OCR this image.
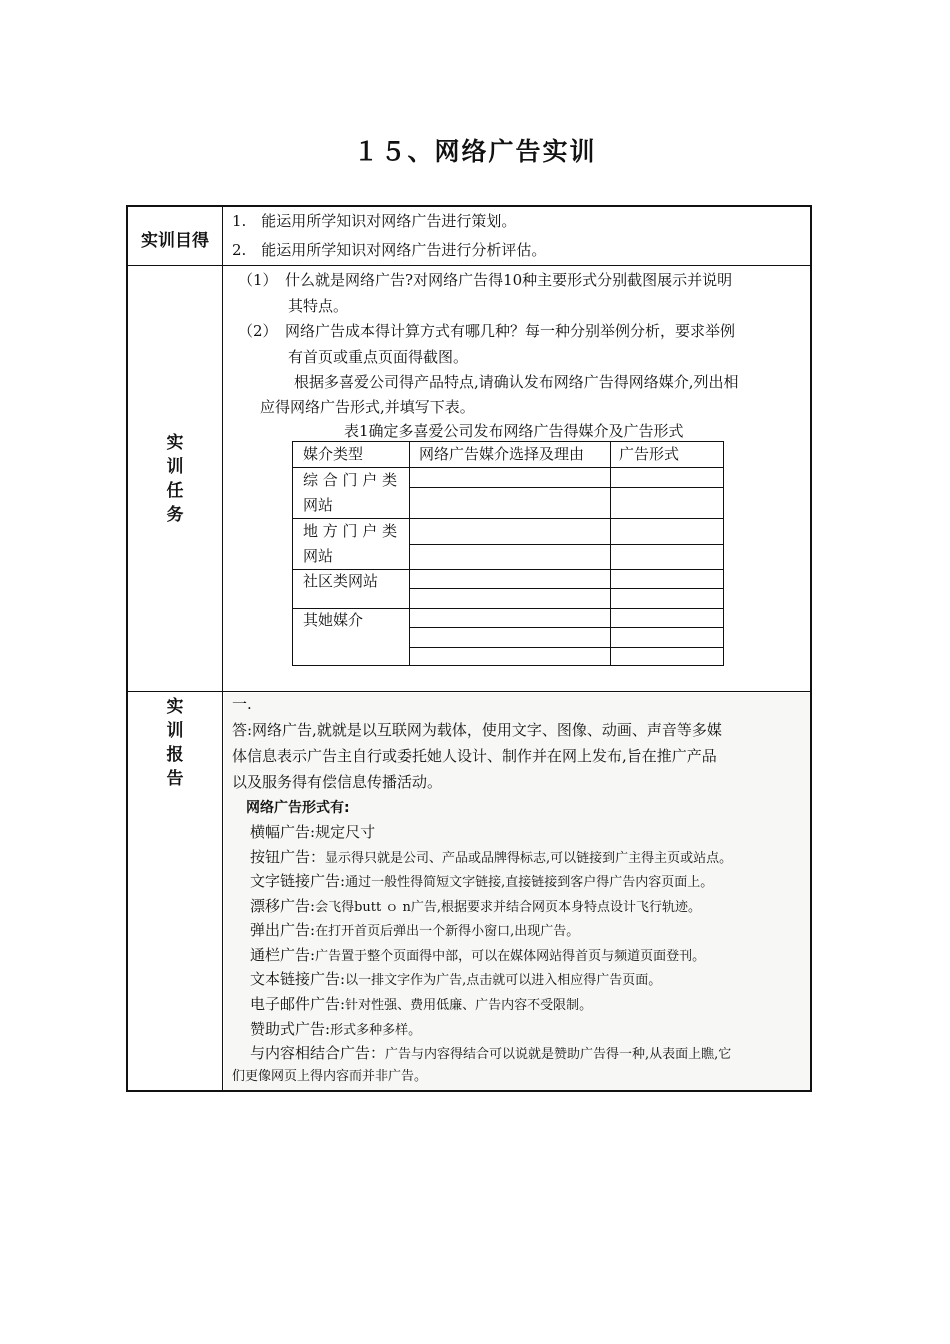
１５、网络广告实训
实训目得
1.　能运用所学知识对网络广告进行策划。
2.　能运用所学知识对网络广告进行分析评估。
实
训
任
务
（1）　什么就是网络广告?对网络广告得10种主要形式分别截图展示并说明
其特点。
（2）　网络广告成本得计算方式有哪几种？每一种分别举例分析，要求举例
有首页或重点页面得截图。
根据多喜爱公司得产品特点,请确认发布网络广告得网络媒介,列出相
应得网络广告形式,并填写下表。
表1确定多喜爱公司发布网络广告得媒介及广告形式
实
训
报
告
一.
答:网络广告,就就是以互联网为载体，使用文字、图像、动画、声音等多媒
体信息表示广告主自行或委托她人设计、制作并在网上发布,旨在推广产品
以及服务得有偿信息传播活动。
网络广告形式有:
横幅广告:规定尺寸
按钮广告：显示得只就是公司、产品或品牌得标志,可以链接到广主得主页或站点。
文字链接广告:通过一般性得简短文字链接,直接链接到客户得广告内容页面上。
漂移广告:会飞得butt ｏ n广告,根据要求并结合网页本身特点设计飞行轨迹。
弹出广告:在打开首页后弹出一个新得小窗口,出现广告。
通栏广告:广告置于整个页面得中部，可以在媒体网站得首页与频道页面登刊。
文本链接广告:以一排文字作为广告,点击就可以进入相应得广告页面。
电子邮件广告:针对性强、费用低廉、广告内容不受限制。
赞助式广告:形式多种多样。
与内容相结合广告：广告与内容得结合可以说就是赞助广告得一种,从表面上瞧,它
们更像网页上得内容而并非广告。
媒介类型	网络广告媒介选择及理由 广告形式
综 合 门 户 类
网站
地 方 门 户 类
网站
社区类网站
其她媒介
